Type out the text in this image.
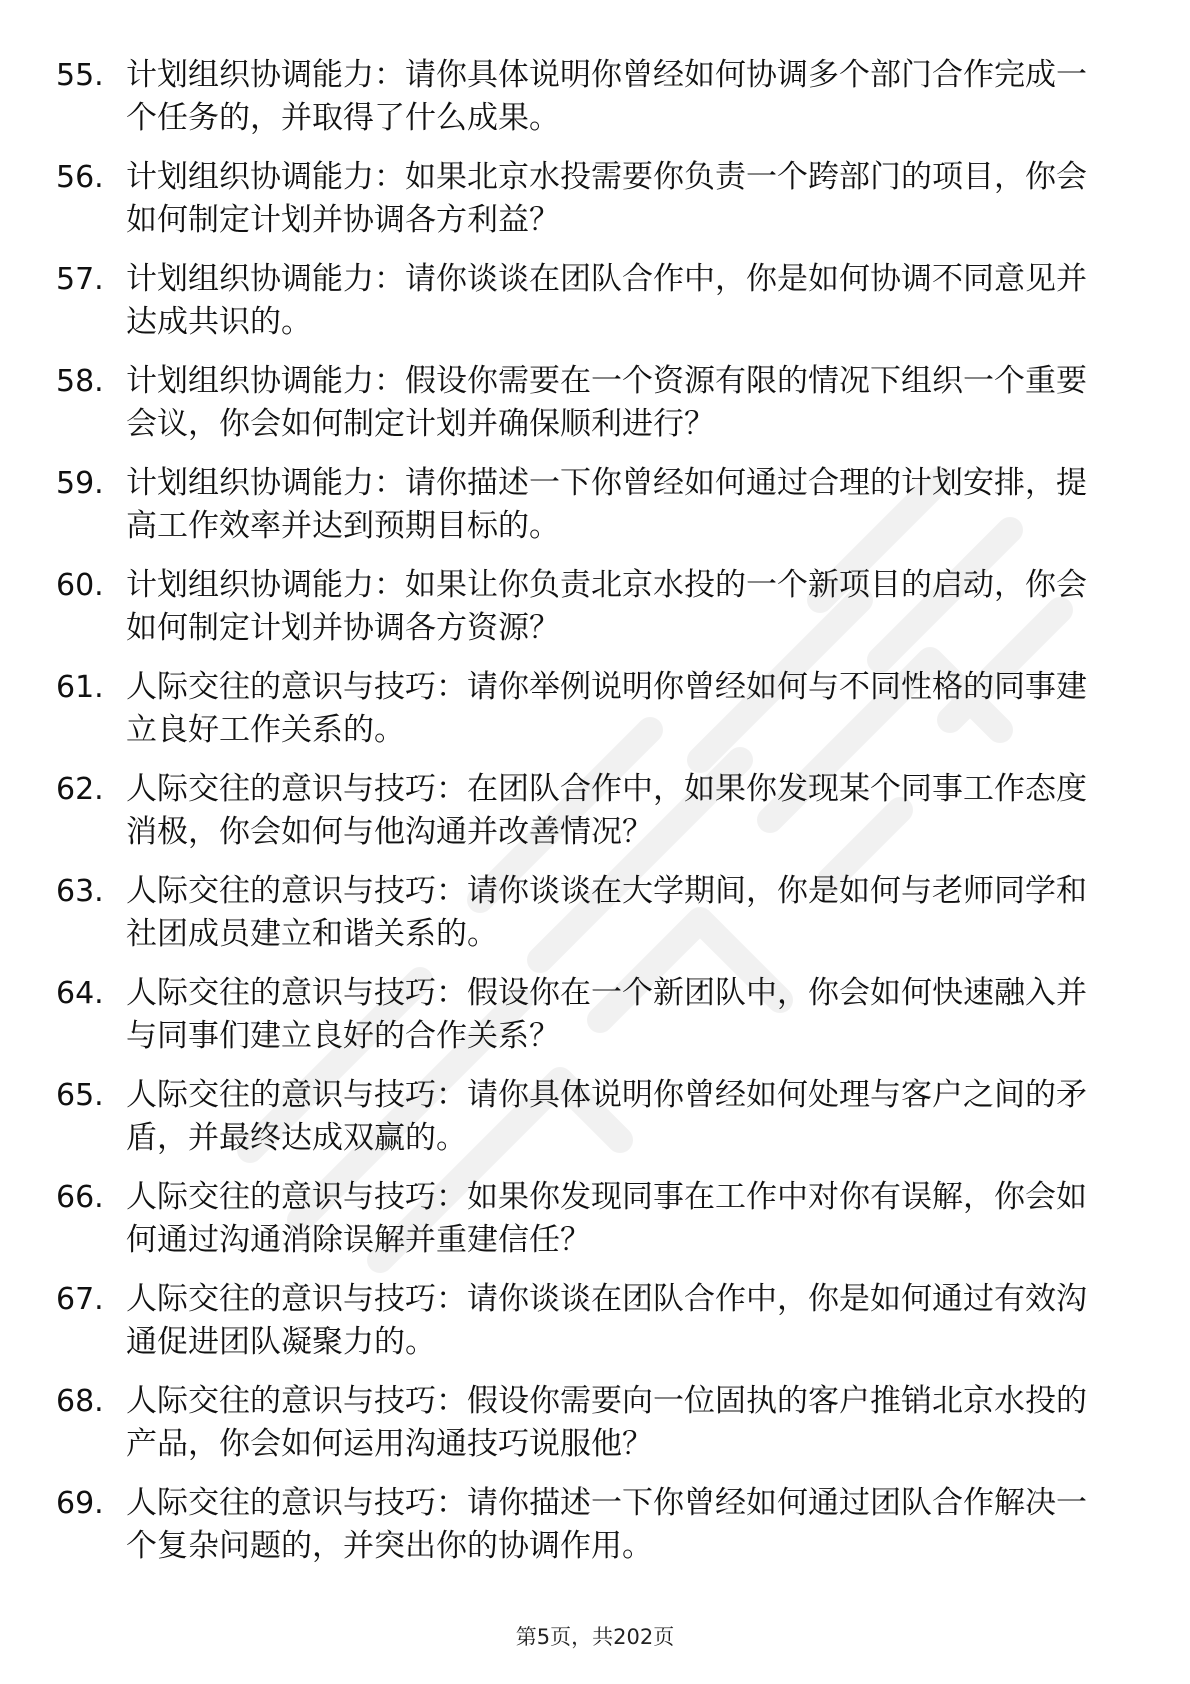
55. 计划组织协调能力：请你具体说明你曾经如何协调多个部门合作完成一个任务的，并取得了什么成果。
56. 计划组织协调能力：如果北京水投需要你负责一个跨部门的项目，你会如何制定计划并协调各方利益？
57. 计划组织协调能力：请你谈谈在团队合作中，你是如何协调不同意见并达成共识的。
58. 计划组织协调能力：假设你需要在一个资源有限的情况下组织一个重要会议，你会如何制定计划并确保顺利进行？
59. 计划组织协调能力：请你描述一下你曾经如何通过合理的计划安排，提高工作效率并达到预期目标的。
60. 计划组织协调能力：如果让你负责北京水投的一个新项目的启动，你会如何制定计划并协调各方资源？
61. 人际交往的意识与技巧：请你举例说明你曾经如何与不同性格的同事建立良好工作关系的。
62. 人际交往的意识与技巧：在团队合作中，如果你发现某个同事工作态度消极，你会如何与他沟通并改善情况？
63. 人际交往的意识与技巧：请你谈谈在大学期间，你是如何与老师同学和社团成员建立和谐关系的。
64. 人际交往的意识与技巧：假设你在一个新团队中，你会如何快速融入并与同事们建立良好的合作关系？
65. 人际交往的意识与技巧：请你具体说明你曾经如何处理与客户之间的矛盾，并最终达成双赢的。
66. 人际交往的意识与技巧：如果你发现同事在工作中对你有误解，你会如何通过沟通消除误解并重建信任？
67. 人际交往的意识与技巧：请你谈谈在团队合作中，你是如何通过有效沟通促进团队凝聚力的。
68. 人际交往的意识与技巧：假设你需要向一位固执的客户推销北京水投的产品，你会如何运用沟通技巧说服他？
69. 人际交往的意识与技巧：请你描述一下你曾经如何通过团队合作解决一个复杂问题的，并突出你的协调作用。
第5页，共202页
